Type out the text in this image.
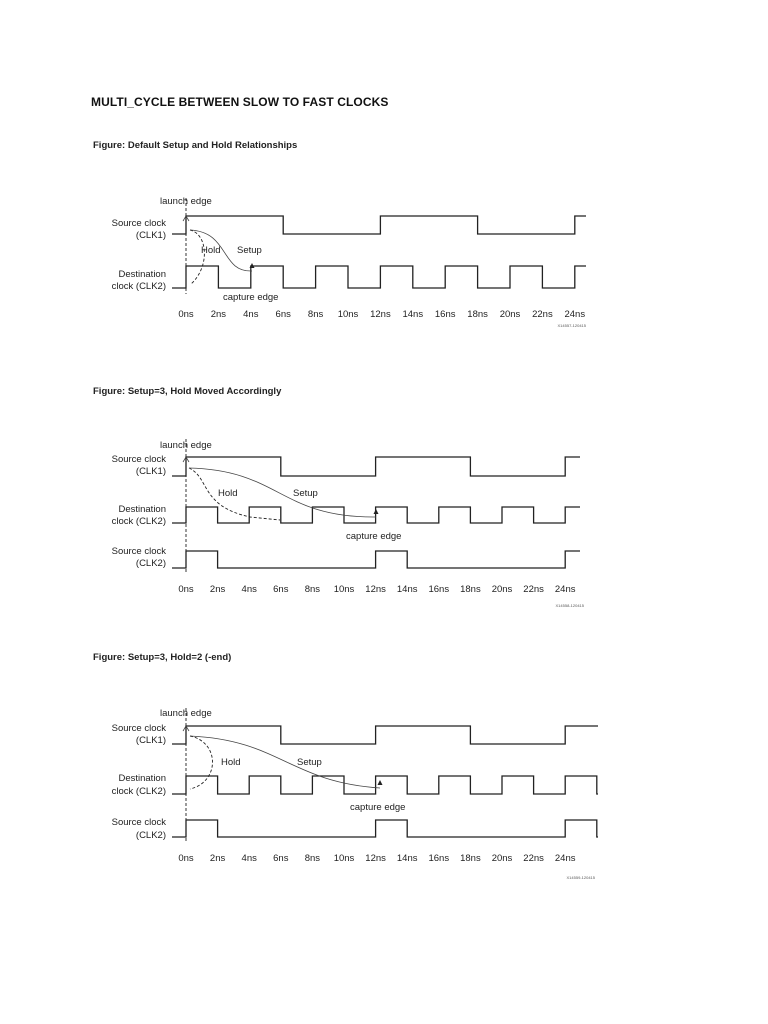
MULTI_CYCLE BETWEEN SLOW TO FAST CLOCKS
Figure: Default Setup and Hold Relationships
launch edge
Source clock
(CLK1)
Destination
clock (CLK2)
Hold Setup
capture edge
0ns 2ns 4ns 6ns 8ns 10ns 12ns 14ns 16ns 18ns 20ns 22ns 24ns
X14557-120415
Figure: Setup=3, Hold Moved Accordingly
launch edge
Source clock
(CLK1)
Destination
clock (CLK2)
Source clock
(CLK2)
Hold	Setup
capture edge
0ns 2ns 4ns 6ns 8ns 10ns 12ns 14ns 16ns 18ns 20ns 22ns 24ns
X14558-120415
Figure: Setup=3, Hold=2 (-end)
launch edge
Source clock
(CLK1)
Destination
clock (CLK2)
Source clock
(CLK2)
Hold	Setup
capture edge
0ns 2ns 4ns 6ns 8ns 10ns 12ns 14ns 16ns 18ns 20ns 22ns 24ns
X14559-120415
